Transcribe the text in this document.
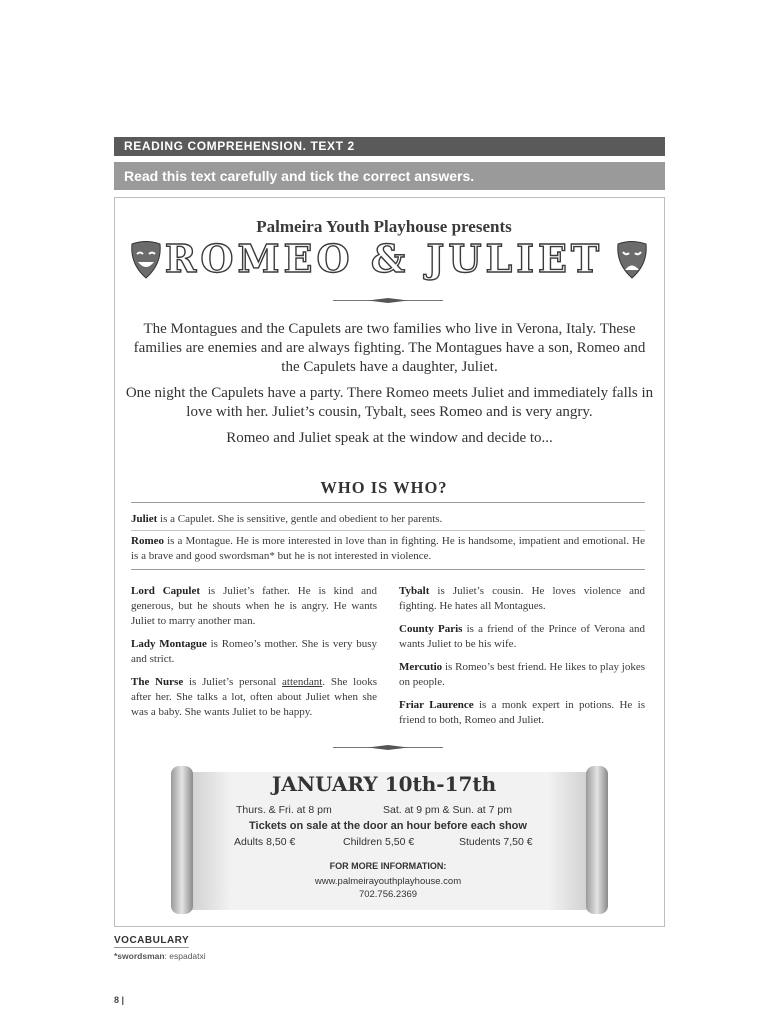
READING COMPREHENSION. TEXT 2
Read this text carefully and tick the correct answers.
Palmeira Youth Playhouse presents
ROMEO & JULIET

The Montagues and the Capulets are two families who live in Verona, Italy. These families are enemies and are always fighting. The Montagues have a son, Romeo and the Capulets have a daughter, Juliet.

One night the Capulets have a party. There Romeo meets Juliet and immediately falls in love with her. Juliet’s cousin, Tybalt, sees Romeo and is very angry.

Romeo and Juliet speak at the window and decide to...

WHO IS WHO?
Juliet is a Capulet. She is sensitive, gentle and obedient to her parents.
Romeo is a Montague. He is more interested in love than in fighting. He is handsome, impatient and emotional. He is a brave and good swordsman* but he is not interested in violence.

Lord Capulet is Juliet’s father. He is kind and generous, but he shouts when he is angry. He wants Juliet to marry another man.

Lady Montague is Romeo’s mother. She is very busy and strict.

The Nurse is Juliet’s personal attendant. She looks after her. She talks a lot, often about Juliet when she was a baby. She wants Juliet to be happy.

Tybalt is Juliet’s cousin. He loves violence and fighting. He hates all Montagues.

County Paris is a friend of the Prince of Verona and wants Juliet to be his wife.

Mercutio is Romeo’s best friend. He likes to play jokes on people.

Friar Laurence is a monk expert in potions. He is friend to both, Romeo and Juliet.

JANUARY 10th-17th
Thurs. & Fri. at 8 pm	Sat. at 9 pm & Sun. at 7 pm
Tickets on sale at the door an hour before each show
Adults 8,50 €	Children 5,50 €	Students 7,50 €
FOR MORE INFORMATION:
www.palmeirayouthplayhouse.com
702.756.2369
VOCABULARY
*swordsman: espadatxi
8 |
